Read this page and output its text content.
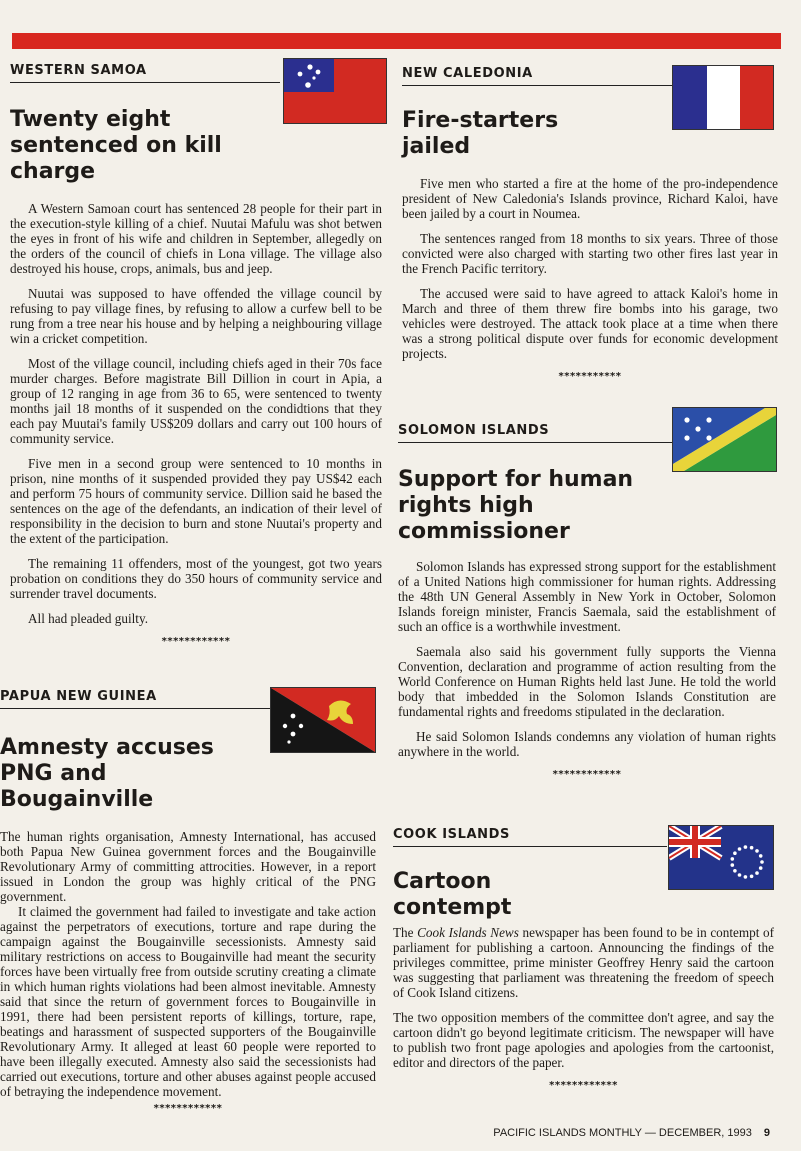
WESTERN SAMOA
Twenty eight sentenced on kill charge

A Western Samoan court has sentenced 28 people for their part in the execution-style killing of a chief. Nuutai Mafulu was shot betwen the eyes in front of his wife and children in September, allegedly on the orders of the council of chiefs in Lona village. The village also destroyed his house, crops, animals, bus and jeep.

Nuutai was supposed to have offended the village council by refusing to pay village fines, by refusing to allow a curfew bell to be rung from a tree near his house and by helping a neighbouring village win a cricket competition.

Most of the village council, including chiefs aged in their 70s face murder charges. Before magistrate Bill Dillion in court in Apia, a group of 12 ranging in age from 36 to 65, were sentenced to twenty months jail 18 months of it suspended on the condidtions that they each pay Muutai's family US$209 dollars and carry out 100 hours of community service.

Five men in a second group were sentenced to 10 months in prison, nine months of it suspended provided they pay US$42 each and perform 75 hours of community service. Dillion said he based the sentences on the age of the defendants, an indication of their level of responsibility in the decision to burn and stone Nuutai's property and the extent of the participation.

The remaining 11 offenders, most of the youngest, got two years probation on conditions they do 350 hours of community service and surrender travel documents.

All had pleaded guilty.

************
PAPUA NEW GUINEA
Amnesty accuses PNG and Bougainville

The human rights organisation, Amnesty International, has accused both Papua New Guinea government forces and the Bougainville Revolutionary Army of committing attrocities. However, in a report issued in London the group was highly critical of the PNG government.

It claimed the government had failed to investigate and take action against the perpetrators of executions, torture and rape during the campaign against the Bougainville secessionists. Amnesty said military restrictions on access to Bougainville had meant the security forces have been virtually free from outside scrutiny creating a climate in which human rights violations had been almost inevitable. Amnesty said that since the return of government forces to Bougainville in 1991, there had been persistent reports of killings, torture, rape, beatings and harassment of suspected supporters of the Bougainville Revolutionary Army. It alleged at least 60 people were reported to have been illegally executed. Amnesty also said the secessionists had carried out executions, torture and other abuses against people accused of betraying the independence movement.

************
NEW CALEDONIA
Fire-starters jailed

Five men who started a fire at the home of the pro-independence president of New Caledonia's Islands province, Richard Kaloi, have been jailed by a court in Noumea.

The sentences ranged from 18 months to six years. Three of those convicted were also charged with starting two other fires last year in the French Pacific territory.

The accused were said to have agreed to attack Kaloi's home in March and three of them threw fire bombs into his garage, two vehicles were destroyed. The attack took place at a time when there was a strong political dispute over funds for economic development projects.

***********
SOLOMON ISLANDS
Support for human rights high commissioner

Solomon Islands has expressed strong support for the establishment of a United Nations high commissioner for human rights. Addressing the 48th UN General Assembly in New York in October, Solomon Islands foreign minister, Francis Saemala, said the establishment of such an office is a worthwhile investment.

Saemala also said his government fully supports the Vienna Convention, declaration and programme of action resulting from the World Conference on Human Rights held last June. He told the world body that imbedded in the Solomon Islands Constitution are fundamental rights and freedoms stipulated in the declaration.

He said Solomon Islands condemns any violation of human rights anywhere in the world.

************
COOK ISLANDS
Cartoon contempt

The Cook Islands News newspaper has been found to be in contempt of parliament for publishing a cartoon. Announcing the findings of the privileges committee, prime minister Geoffrey Henry said the cartoon was suggesting that parliament was threatening the freedom of speech of Cook Island citizens.

The two opposition members of the committee don't agree, and say the cartoon didn't go beyond legitimate criticism. The newspaper will have to publish two front page apologies and apologies from the cartoonist, editor and directors of the paper.

************
PACIFIC ISLANDS MONTHLY — DECEMBER, 1993 9
